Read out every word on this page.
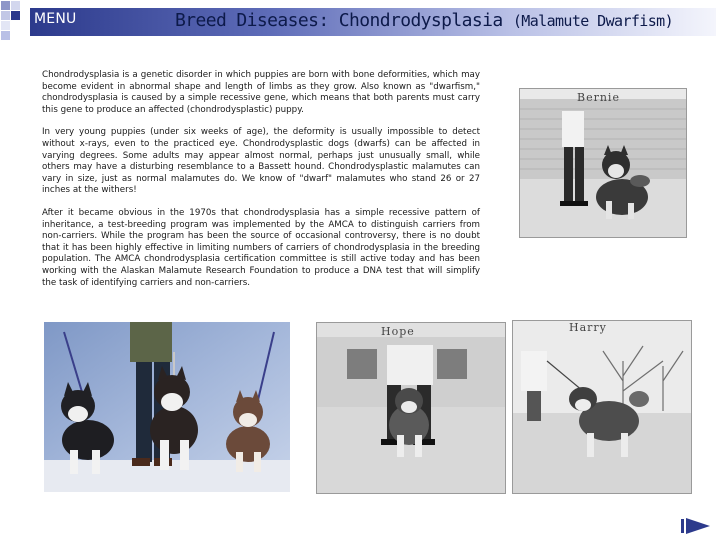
MENU	Breed Diseases: Chondrodysplasia (Malamute Dwarfism)

Chondrodysplasia is a genetic disorder in which puppies are born with bone deformities, which may become evident in abnormal shape and length of limbs as they grow. Also known as "dwarfism," chondrodysplasia is caused by a simple recessive gene, which means that both parents must carry this gene to produce an affected (chondrodysplastic) puppy.

In very young puppies (under six weeks of age), the deformity is usually impossible to detect without x-rays, even to the practiced eye. Chondrodysplastic dogs (dwarfs) can be affected in varying degrees. Some adults may appear almost normal, perhaps just unusually small, while others may have a disturbing resemblance to a Bassett hound. Chondrodysplastic malamutes can vary in size, just as normal malamutes do. We know of "dwarf" malamutes who stand 26 or 27 inches at the withers!

After it became obvious in the 1970s that chondrodysplasia has a simple recessive pattern of inheritance, a test-breeding program was implemented by the AMCA to distinguish carriers from non-carriers. While the program has been the source of occasional controversy, there is no doubt that it has been highly effective in limiting numbers of carriers of chondrodysplasia in the breeding population. The AMCA chondrodysplasia certification committee is still active today and has been working with the Alaskan Malamute Research Foundation to produce a DNA test that will simplify the task of identifying carriers and non-carriers.

Bernie
Hope	Harry
